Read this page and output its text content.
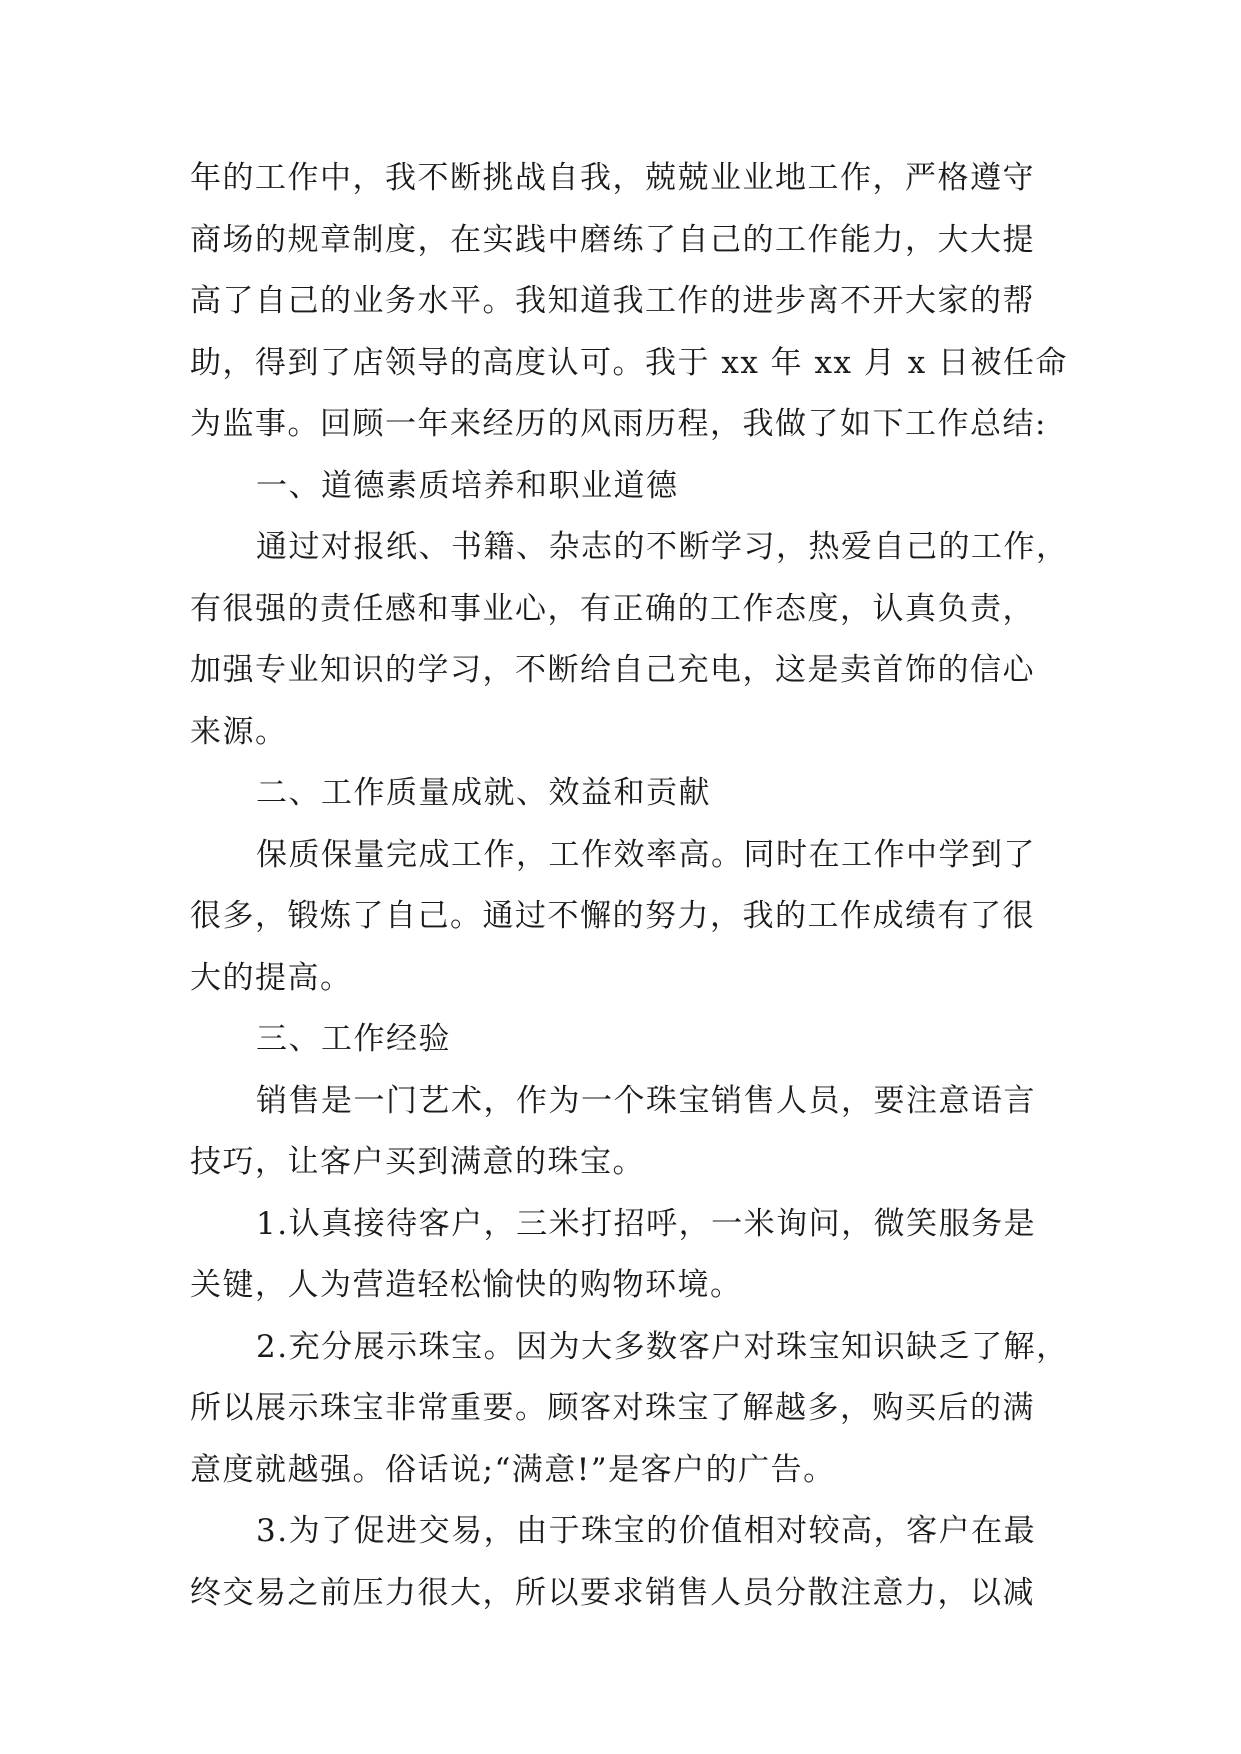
年的工作中，我不断挑战自我，兢兢业业地工作，严格遵守
商场的规章制度，在实践中磨练了自己的工作能力，大大提
高了自己的业务水平。我知道我工作的进步离不开大家的帮
助，得到了店领导的高度认可。我于 xx 年 xx 月 x 日被任命
为监事。回顾一年来经历的风雨历程，我做了如下工作总结:
一、道德素质培养和职业道德
通过对报纸、书籍、杂志的不断学习，热爱自己的工作，
有很强的责任感和事业心，有正确的工作态度，认真负责，
加强专业知识的学习，不断给自己充电，这是卖首饰的信心
来源。
二、工作质量成就、效益和贡献
保质保量完成工作，工作效率高。同时在工作中学到了
很多，锻炼了自己。通过不懈的努力，我的工作成绩有了很
大的提高。
三、工作经验
销售是一门艺术，作为一个珠宝销售人员，要注意语言
技巧，让客户买到满意的珠宝。
1.认真接待客户，三米打招呼，一米询问，微笑服务是
关键，人为营造轻松愉快的购物环境。
2.充分展示珠宝。因为大多数客户对珠宝知识缺乏了解，
所以展示珠宝非常重要。顾客对珠宝了解越多，购买后的满
意度就越强。俗话说;“满意!”是客户的广告。
3.为了促进交易，由于珠宝的价值相对较高，客户在最
终交易之前压力很大，所以要求销售人员分散注意力，以减
